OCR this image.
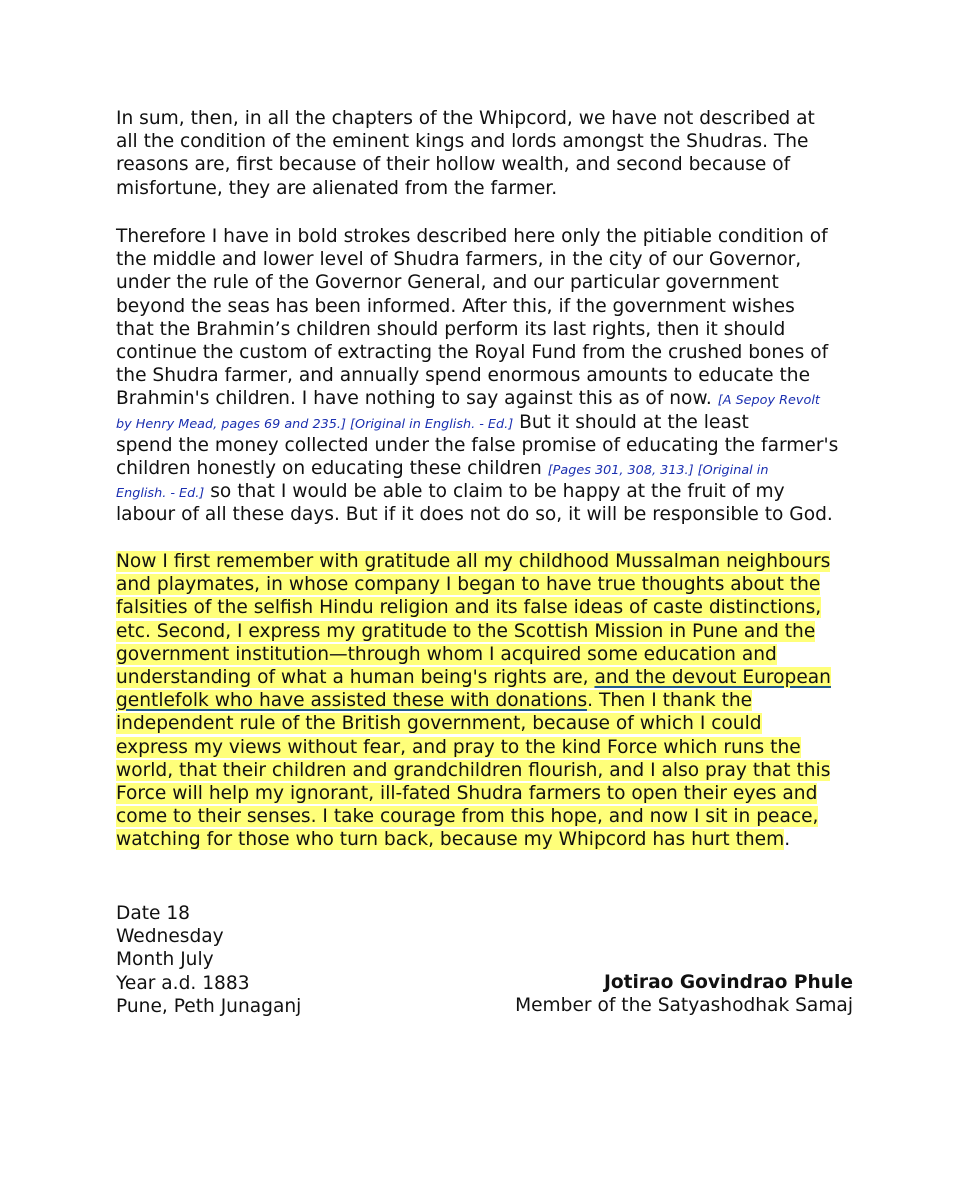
In sum, then, in all the chapters of the Whipcord, we have not described at
all the condition of the eminent kings and lords amongst the Shudras. The
reasons are, first because of their hollow wealth, and second because of
misfortune, they are alienated from the farmer.
Therefore I have in bold strokes described here only the pitiable condition of
the middle and lower level of Shudra farmers, in the city of our Governor,
under the rule of the Governor General, and our particular government
beyond the seas has been informed. After this, if the government wishes
that the Brahmin’s children should perform its last rights, then it should
continue the custom of extracting the Royal Fund from the crushed bones of
the Shudra farmer, and annually spend enormous amounts to educate the
Brahmin's children. I have nothing to say against this as of now. [A Sepoy Revolt
by Henry Mead, pages 69 and 235.] [Original in English. - Ed.] But it should at the least
spend the money collected under the false promise of educating the farmer's
children honestly on educating these children [Pages 301, 308, 313.] [Original in
English. - Ed.] so that I would be able to claim to be happy at the fruit of my
labour of all these days. But if it does not do so, it will be responsible to God.
Now I first remember with gratitude all my childhood Mussalman neighbours
and playmates, in whose company I began to have true thoughts about the
falsities of the selfish Hindu religion and its false ideas of caste distinctions,
etc. Second, I express my gratitude to the Scottish Mission in Pune and the
government institution—through whom I acquired some education and
understanding of what a human being's rights are, and the devout European
gentlefolk who have assisted these with donations. Then I thank the
independent rule of the British government, because of which I could
express my views without fear, and pray to the kind Force which runs the
world, that their children and grandchildren flourish, and I also pray that this
Force will help my ignorant, ill-fated Shudra farmers to open their eyes and
come to their senses. I take courage from this hope, and now I sit in peace,
watching for those who turn back, because my Whipcord has hurt them.
Date 18
Wednesday
Month July
Year a.d. 1883
Pune, Peth Junaganj
Jotirao Govindrao Phule
Member of the Satyashodhak Samaj
